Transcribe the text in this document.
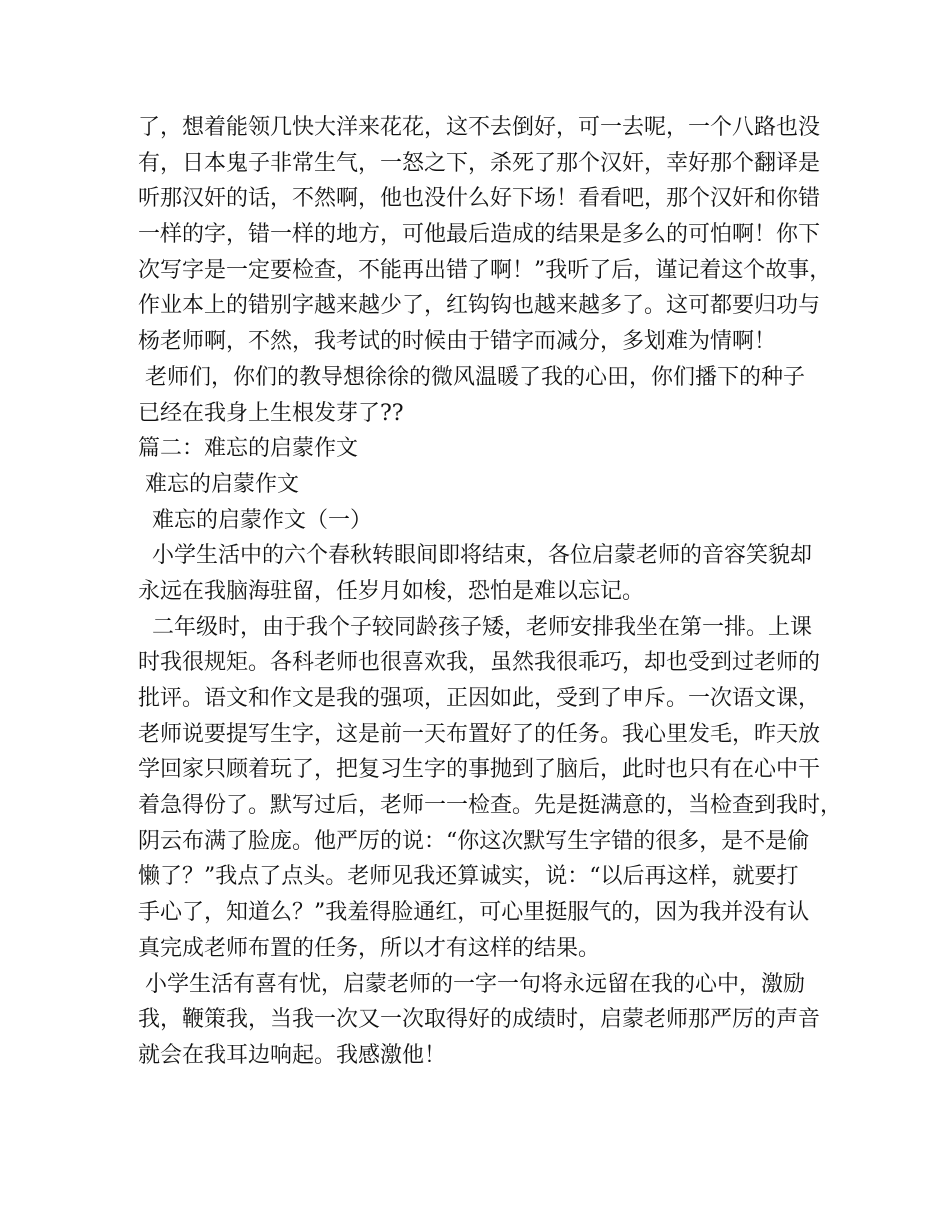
了，想着能领几快大洋来花花，这不去倒好，可一去呢，一个八路也没
有，日本鬼子非常生气，一怒之下，杀死了那个汉奸，幸好那个翻译是
听那汉奸的话，不然啊，他也没什么好下场！看看吧，那个汉奸和你错
一样的字，错一样的地方，可他最后造成的结果是多么的可怕啊！你下
次写字是一定要检查，不能再出错了啊！”我听了后，谨记着这个故事，
作业本上的错别字越来越少了，红钩钩也越来越多了。这可都要归功与
杨老师啊，不然，我考试的时候由于错字而减分，多划难为情啊！
老师们，你们的教导想徐徐的微风温暖了我的心田，你们播下的种子
已经在我身上生根发芽了??
篇二：难忘的启蒙作文
难忘的启蒙作文
难忘的启蒙作文（一）
小学生活中的六个春秋转眼间即将结束，各位启蒙老师的音容笑貌却
永远在我脑海驻留，任岁月如梭，恐怕是难以忘记。
二年级时，由于我个子较同龄孩子矮，老师安排我坐在第一排。上课
时我很规矩。各科老师也很喜欢我，虽然我很乖巧，却也受到过老师的
批评。语文和作文是我的强项，正因如此，受到了申斥。一次语文课，
老师说要提写生字，这是前一天布置好了的任务。我心里发毛，昨天放
学回家只顾着玩了，把复习生字的事抛到了脑后，此时也只有在心中干
着急得份了。默写过后，老师一一检查。先是挺满意的，当检查到我时，
阴云布满了脸庞。他严厉的说：“你这次默写生字错的很多，是不是偷
懒了？”我点了点头。老师见我还算诚实，说：“以后再这样，就要打
手心了，知道么？”我羞得脸通红，可心里挺服气的，因为我并没有认
真完成老师布置的任务，所以才有这样的结果。
小学生活有喜有忧，启蒙老师的一字一句将永远留在我的心中，激励
我，鞭策我，当我一次又一次取得好的成绩时，启蒙老师那严厉的声音
就会在我耳边响起。我感激他！
